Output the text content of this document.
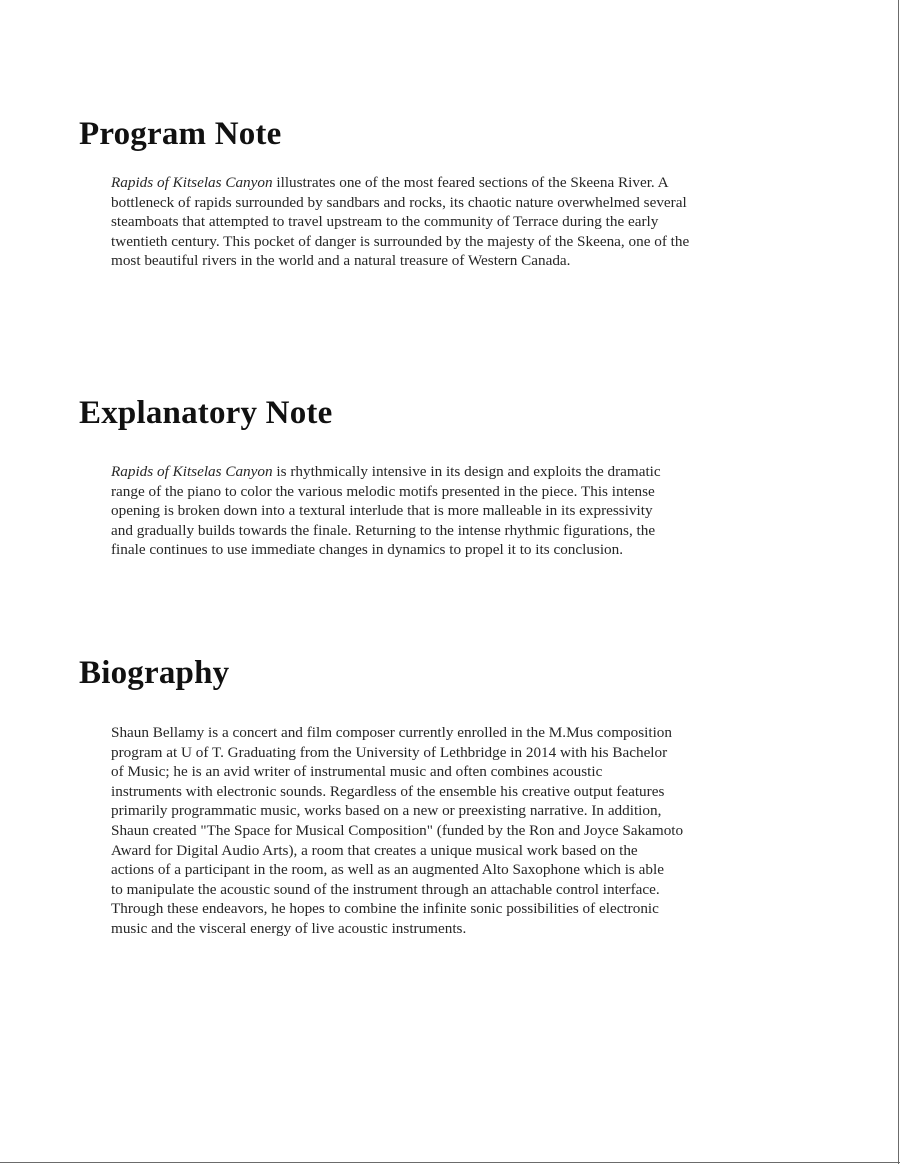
Program Note
Rapids of Kitselas Canyon illustrates one of the most feared sections of the Skeena River. A
bottleneck of rapids surrounded by sandbars and rocks, its chaotic nature overwhelmed several
steamboats that attempted to travel upstream to the community of Terrace during the early
twentieth century. This pocket of danger is surrounded by the majesty of the Skeena, one of the
most beautiful rivers in the world and a natural treasure of Western Canada.
Explanatory Note
Rapids of Kitselas Canyon is rhythmically intensive in its design and exploits the dramatic
range of the piano to color the various melodic motifs presented in the piece. This intense
opening is broken down into a textural interlude that is more malleable in its expressivity
and gradually builds towards the finale. Returning to the intense rhythmic figurations, the
finale continues to use immediate changes in dynamics to propel it to its conclusion.
Biography
Shaun Bellamy is a concert and film composer currently enrolled in the M.Mus composition
program at U of T. Graduating from the University of Lethbridge in 2014 with his Bachelor
of Music; he is an avid writer of instrumental music and often combines acoustic
instruments with electronic sounds. Regardless of the ensemble his creative output features
primarily programmatic music, works based on a new or preexisting narrative. In addition,
Shaun created "The Space for Musical Composition" (funded by the Ron and Joyce Sakamoto
Award for Digital Audio Arts), a room that creates a unique musical work based on the
actions of a participant in the room, as well as an augmented Alto Saxophone which is able
to manipulate the acoustic sound of the instrument through an attachable control interface.
Through these endeavors, he hopes to combine the infinite sonic possibilities of electronic
music and the visceral energy of live acoustic instruments.
